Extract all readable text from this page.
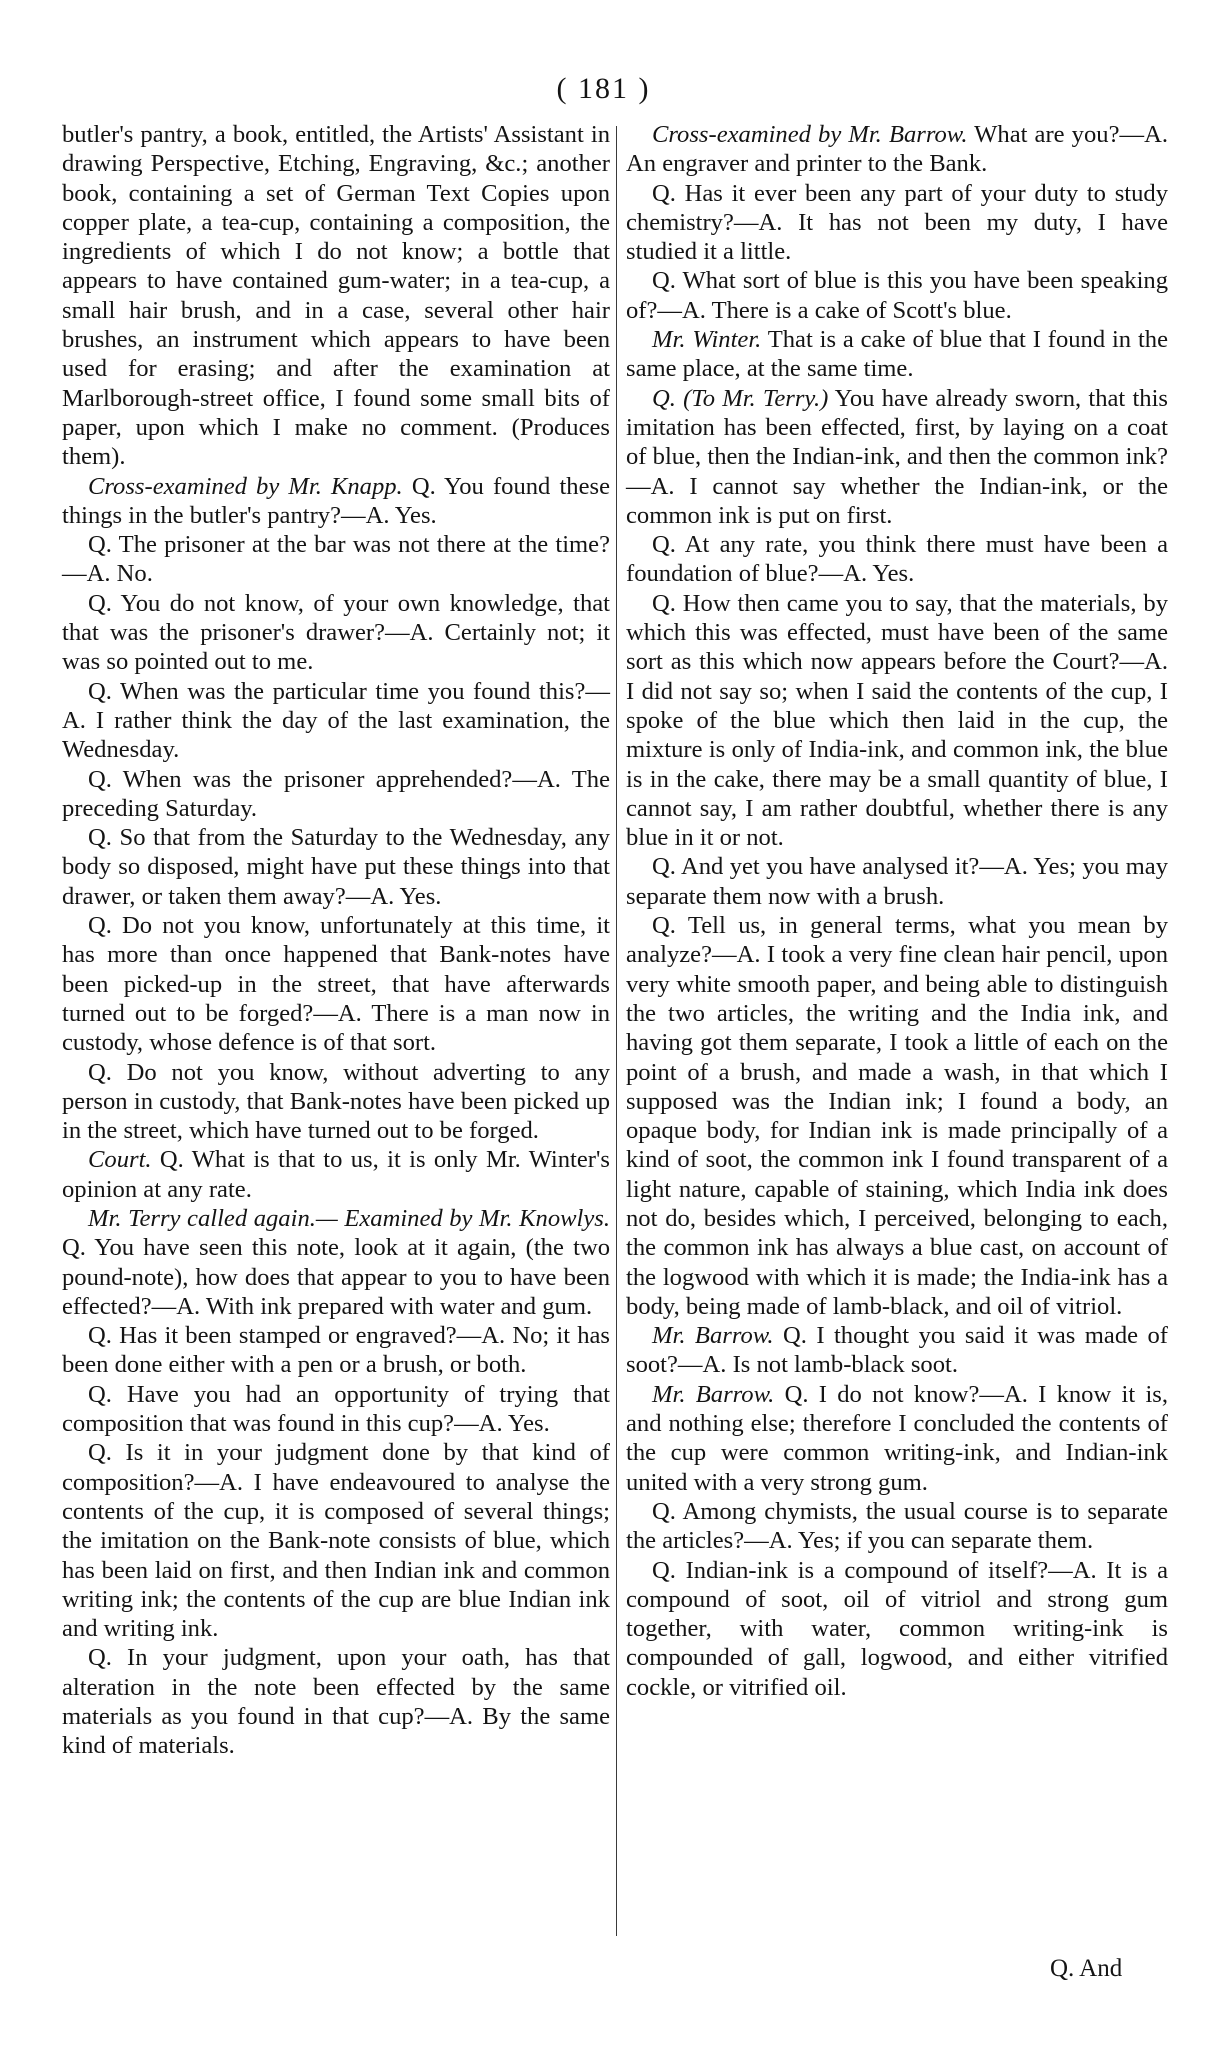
( 181 )

butler's pantry, a book, entitled, the Artists' Assistant in drawing Perspective, Etching, Engraving, &c.; another book, containing a set of German Text Copies upon copper plate, a tea-cup, containing a composition, the ingredients of which I do not know; a bottle that appears to have contained gum-water; in a tea-cup, a small hair brush, and in a case, several other hair brushes, an instrument which appears to have been used for erasing; and after the examination at Marlborough-street office, I found some small bits of paper, upon which I make no comment. (Produces them).

Cross-examined by Mr. Knapp. Q. You found these things in the butler's pantry?—A. Yes.

Q. The prisoner at the bar was not there at the time?—A. No.

Q. You do not know, of your own knowledge, that that was the prisoner's drawer?—A. Certainly not; it was so pointed out to me.

Q. When was the particular time you found this?—A. I rather think the day of the last examination, the Wednesday.

Q. When was the prisoner apprehended?—A. The preceding Saturday.

Q. So that from the Saturday to the Wednesday, any body so disposed, might have put these things into that drawer, or taken them away?—A. Yes.

Q. Do not you know, unfortunately at this time, it has more than once happened that Bank-notes have been picked-up in the street, that have afterwards turned out to be forged?—A. There is a man now in custody, whose defence is of that sort.

Q. Do not you know, without adverting to any person in custody, that Bank-notes have been picked up in the street, which have turned out to be forged.

Court. Q. What is that to us, it is only Mr. Winter's opinion at any rate.

Mr. Terry called again.— Examined by Mr. Knowlys. Q. You have seen this note, look at it again, (the two pound-note), how does that appear to you to have been effected?—A. With ink prepared with water and gum.

Q. Has it been stamped or engraved?—A. No; it has been done either with a pen or a brush, or both.

Q. Have you had an opportunity of trying that composition that was found in this cup?—A. Yes.

Q. Is it in your judgment done by that kind of composition?—A. I have endeavoured to analyse the contents of the cup, it is composed of several things; the imitation on the Bank-note consists of blue, which has been laid on first, and then Indian ink and common writing ink; the contents of the cup are blue Indian ink and writing ink.

Q. In your judgment, upon your oath, has that alteration in the note been effected by the same materials as you found in that cup?—A. By the same kind of materials.

Cross-examined by Mr. Barrow. What are you?—A. An engraver and printer to the Bank.

Q. Has it ever been any part of your duty to study chemistry?—A. It has not been my duty, I have studied it a little.

Q. What sort of blue is this you have been speaking of?—A. There is a cake of Scott's blue.

Mr. Winter. That is a cake of blue that I found in the same place, at the same time.

Q. (To Mr. Terry.) You have already sworn, that this imitation has been effected, first, by laying on a coat of blue, then the Indian-ink, and then the common ink?—A. I cannot say whether the Indian-ink, or the common ink is put on first.

Q. At any rate, you think there must have been a foundation of blue?—A. Yes.

Q. How then came you to say, that the materials, by which this was effected, must have been of the same sort as this which now appears before the Court?—A. I did not say so; when I said the contents of the cup, I spoke of the blue which then laid in the cup, the mixture is only of India-ink, and common ink, the blue is in the cake, there may be a small quantity of blue, I cannot say, I am rather doubtful, whether there is any blue in it or not.

Q. And yet you have analysed it?—A. Yes; you may separate them now with a brush.

Q. Tell us, in general terms, what you mean by analyze?—A. I took a very fine clean hair pencil, upon very white smooth paper, and being able to distinguish the two articles, the writing and the India ink, and having got them separate, I took a little of each on the point of a brush, and made a wash, in that which I supposed was the Indian ink; I found a body, an opaque body, for Indian ink is made principally of a kind of soot, the common ink I found transparent of a light nature, capable of staining, which India ink does not do, besides which, I perceived, belonging to each, the common ink has always a blue cast, on account of the logwood with which it is made; the India-ink has a body, being made of lamb-black, and oil of vitriol.

Mr. Barrow. Q. I thought you said it was made of soot?—A. Is not lamb-black soot.

Mr. Barrow. Q. I do not know?—A. I know it is, and nothing else; therefore I concluded the contents of the cup were common writing-ink, and Indian-ink united with a very strong gum.

Q. Among chymists, the usual course is to separate the articles?—A. Yes; if you can separate them.

Q. Indian-ink is a compound of itself?—A. It is a compound of soot, oil of vitriol and strong gum together, with water, common writing-ink is compounded of gall, logwood, and either vitrified cockle, or vitrified oil.

Q. And
